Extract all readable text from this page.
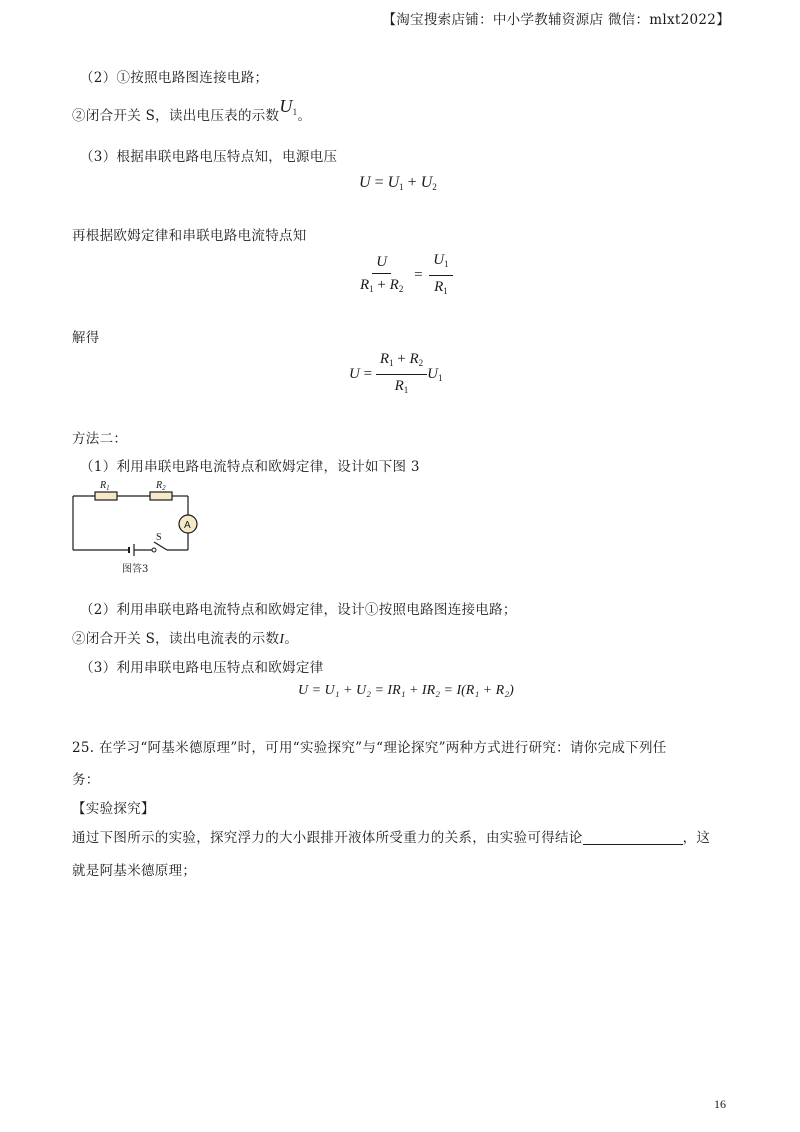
【淘宝搜索店铺：中小学教辅资源店 微信：mlxt2022】
（2）①按照电路图连接电路；
②闭合开关 S，读出电压表的示数$U_1$。
（3）根据串联电路电压特点知，电源电压
$U = U_1 + U_2$
再根据欧姆定律和串联电路电流特点知
$\frac{U}{R_1 + R_2} = \frac{U_1}{R_1}$
解得
$U = \frac{R_1 + R_2}{R_1} U_1$
方法二：
（1）利用串联电路电流特点和欧姆定律，设计如下图 3
$R_1$	$R_2$
A
S
图答3
（2）利用串联电路电流特点和欧姆定律，设计①按照电路图连接电路；
②闭合开关 S，读出电流表的示数I。
（3）利用串联电路电压特点和欧姆定律
U = U₁ + U₂ = IR₁ + IR₂ = I(R₁ + R₂)
25. 在学习“阿基米德原理”时，可用“实验探究”与“理论探究”两种方式进行研究：请你完成下列任
务：
【实验探究】
通过下图所示的实验，探究浮力的大小跟排开液体所受重力的关系，由实验可得结论	，这
就是阿基米德原理；
16
